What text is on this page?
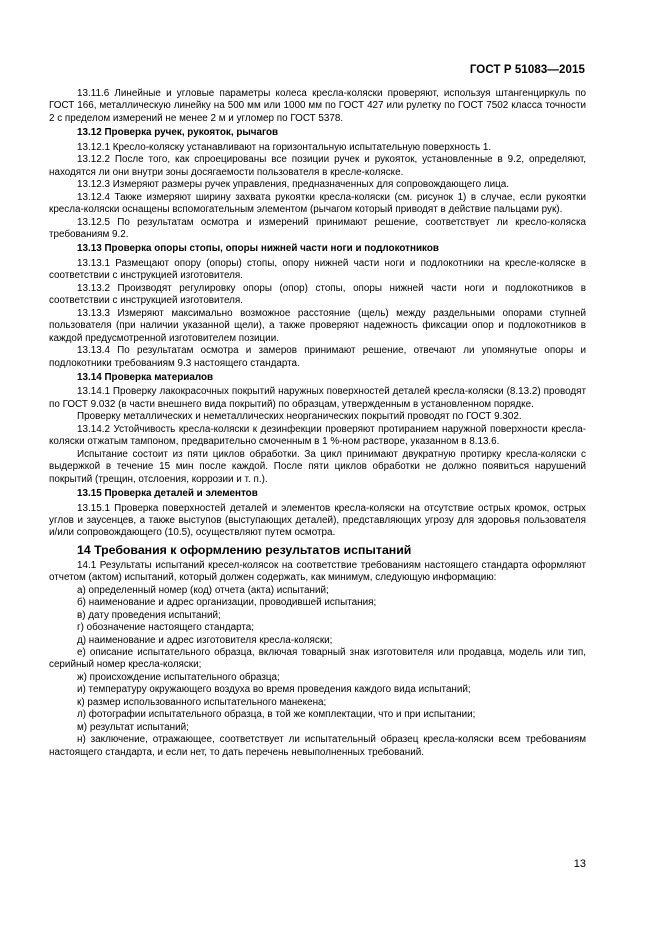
ГОСТ Р 51083—2015

13.11.6 Линейные и угловые параметры колеса кресла-коляски проверяют, используя штангенциркуль по ГОСТ 166, металлическую линейку на 500 мм или 1000 мм по ГОСТ 427 или рулетку по ГОСТ 7502 класса точности 2 с пределом измерений не менее 2 м и угломер по ГОСТ 5378.

13.12 Проверка ручек, рукояток, рычагов

13.12.1 Кресло-коляску устанавливают на горизонтальную испытательную поверхность 1.

13.12.2 После того, как спроецированы все позиции ручек и рукояток, установленные в 9.2, определяют, находятся ли они внутри зоны досягаемости пользователя в кресле-коляске.

13.12.3 Измеряют размеры ручек управления, предназначенных для сопровождающего лица.

13.12.4 Также измеряют ширину захвата рукоятки кресла-коляски (см. рисунок 1) в случае, если рукоятки кресла-коляски оснащены вспомогательным элементом (рычагом который приводят в действие пальцами рук).

13.12.5 По результатам осмотра и измерений принимают решение, соответствует ли кресло-коляска требованиям 9.2.

13.13 Проверка опоры стопы, опоры нижней части ноги и подлокотников

13.13.1 Размещают опору (опоры) стопы, опору нижней части ноги и подлокотники на кресле-коляске в соответствии с инструкцией изготовителя.

13.13.2 Производят регулировку опоры (опор) стопы, опоры нижней части ноги и подлокотников в соответствии с инструкцией изготовителя.

13.13.3 Измеряют максимально возможное расстояние (щель) между раздельными опорами ступней пользователя (при наличии указанной щели), а также проверяют надежность фиксации опор и подлокотников в каждой предусмотренной изготовителем позиции.

13.13.4 По результатам осмотра и замеров принимают решение, отвечают ли упомянутые опоры и подлокотники требованиям 9.3 настоящего стандарта.

13.14 Проверка материалов

13.14.1 Проверку лакокрасочных покрытий наружных поверхностей деталей кресла-коляски (8.13.2) проводят по ГОСТ 9.032 (в части внешнего вида покрытий) по образцам, утвержденным в установленном порядке.

Проверку металлических и неметаллических неорганических покрытий проводят по ГОСТ 9.302.

13.14.2 Устойчивость кресла-коляски к дезинфекции проверяют протиранием наружной поверхности кресла-коляски отжатым тампоном, предварительно смоченным в 1 %-ном растворе, указанном в 8.13.6.

Испытание состоит из пяти циклов обработки. За цикл принимают двукратную протирку кресла-коляски с выдержкой в течение 15 мин после каждой. После пяти циклов обработки не должно появиться нарушений покрытий (трещин, отслоения, коррозии и т. п.).

13.15 Проверка деталей и элементов

13.15.1 Проверка поверхностей деталей и элементов кресла-коляски на отсутствие острых кромок, острых углов и заусенцев, а также выступов (выступающих деталей), представляющих угрозу для здоровья пользователя и/или сопровождающего (10.5), осуществляют путем осмотра.

14 Требования к оформлению результатов испытаний

14.1 Результаты испытаний кресел-колясок на соответствие требованиям настоящего стандарта оформляют отчетом (актом) испытаний, который должен содержать, как минимум, следующую информацию:

а) определенный номер (код) отчета (акта) испытаний;
б) наименование и адрес организации, проводившей испытания;
в) дату проведения испытаний;
г) обозначение настоящего стандарта;
д) наименование и адрес изготовителя кресла-коляски;
е) описание испытательного образца, включая товарный знак изготовителя или продавца, модель или тип, серийный номер кресла-коляски;
ж) происхождение испытательного образца;
и) температуру окружающего воздуха во время проведения каждого вида испытаний;
к) размер использованного испытательного манекена;
л) фотографии испытательного образца, в той же комплектации, что и при испытании;
м) результат испытаний;
н) заключение, отражающее, соответствует ли испытательный образец кресла-коляски всем требованиям настоящего стандарта, и если нет, то дать перечень невыполненных требований.
13
